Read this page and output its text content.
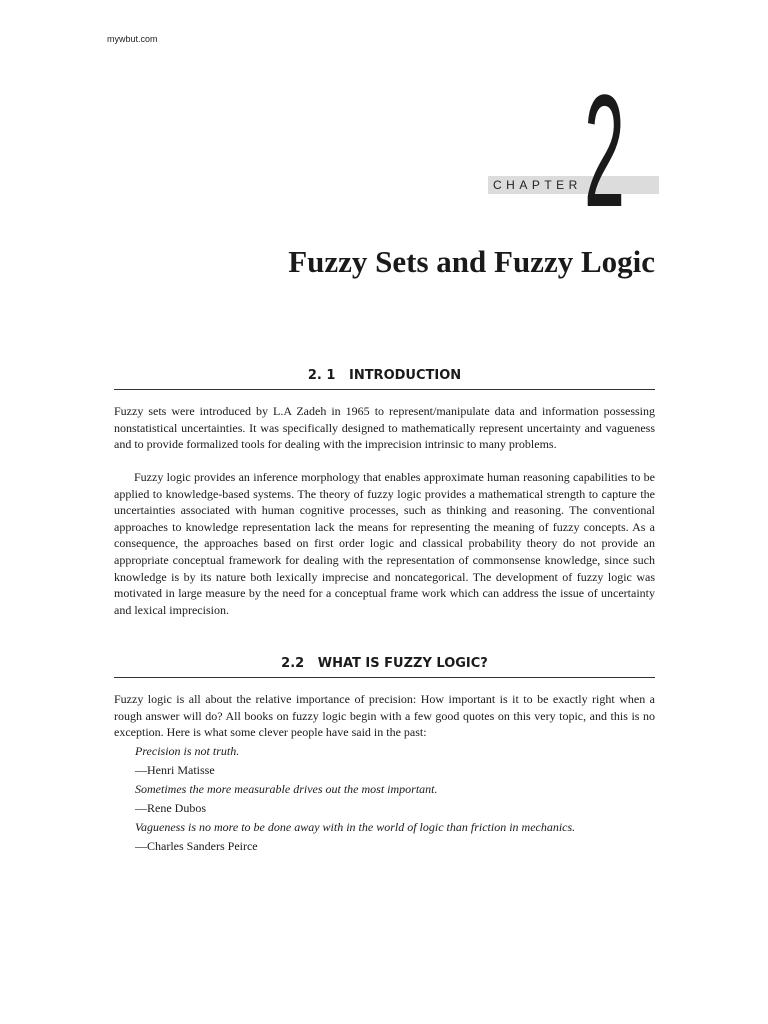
mywbut.com
CHAPTER 2
Fuzzy Sets and Fuzzy Logic
2. 1   INTRODUCTION

Fuzzy sets were introduced by L.A Zadeh in 1965 to represent/manipulate data and information possessing nonstatistical uncertainties. It was specifically designed to mathematically represent uncertainty and vagueness and to provide formalized tools for dealing with the imprecision intrinsic to many problems.

Fuzzy logic provides an inference morphology that enables approximate human reasoning capabilities to be applied to knowledge-based systems. The theory of fuzzy logic provides a mathematical strength to capture the uncertainties associated with human cognitive processes, such as thinking and reasoning. The conventional approaches to knowledge representation lack the means for representing the meaning of fuzzy concepts. As a consequence, the approaches based on first order logic and classical probability theory do not provide an appropriate conceptual framework for dealing with the representation of commonsense knowledge, since such knowledge is by its nature both lexically imprecise and noncategorical. The development of fuzzy logic was motivated in large measure by the need for a conceptual frame work which can address the issue of uncertainty and lexical imprecision.

2.2   WHAT IS FUZZY LOGIC?

Fuzzy logic is all about the relative importance of precision: How important is it to be exactly right when a rough answer will do? All books on fuzzy logic begin with a few good quotes on this very topic, and this is no exception. Here is what some clever people have said in the past:

Precision is not truth.
—Henri Matisse
Sometimes the more measurable drives out the most important.
—Rene Dubos
Vagueness is no more to be done away with in the world of logic than friction in mechanics.
—Charles Sanders Peirce
